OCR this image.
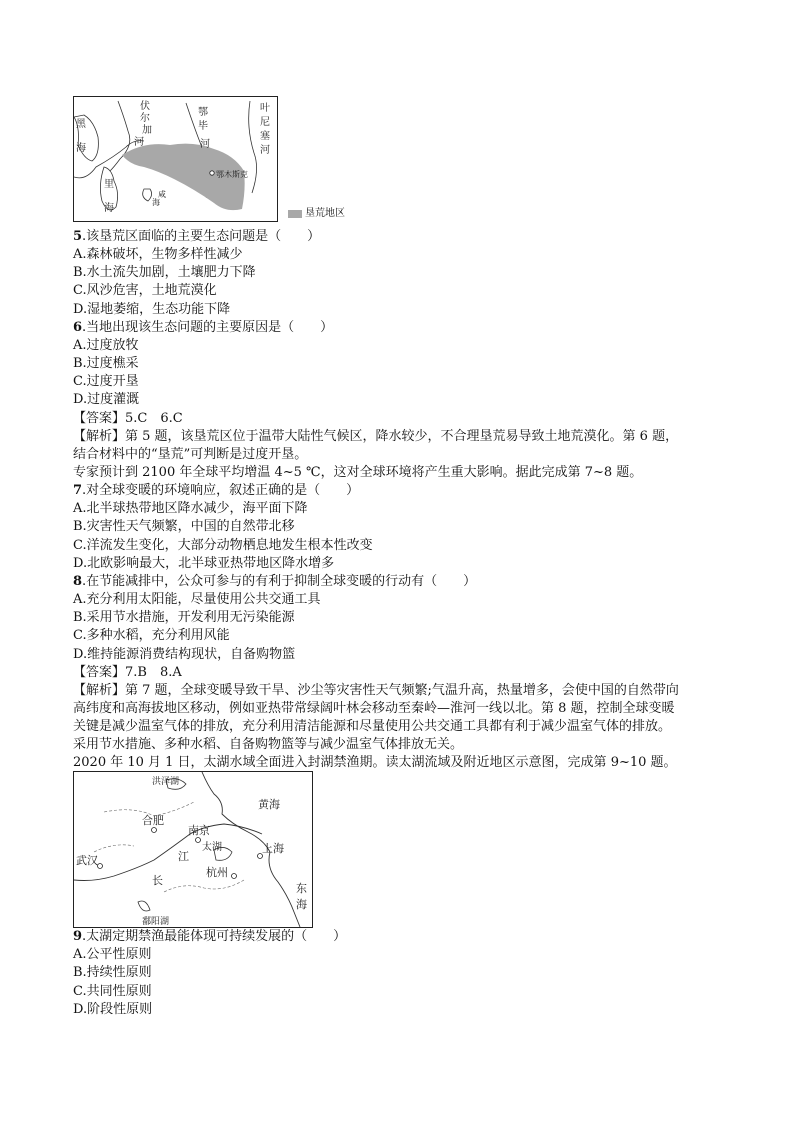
黑
海
伏
尔
加
河
里
海
咸
海
鄂
毕
河
叶
尼
塞
河
鄂木斯克
垦荒地区
洪泽湖
黄海
合肥
南京
太湖	上海
武汉	江
长
杭州
东
海
鄱阳湖
5.该垦荒区面临的主要生态问题是（　　）
A.森林破坏，生物多样性减少
B.水土流失加剧，土壤肥力下降
C.风沙危害，土地荒漠化
D.湿地萎缩，生态功能下降
6.当地出现该生态问题的主要原因是（　　）
A.过度放牧
B.过度樵采
C.过度开垦
D.过度灌溉
【答案】5.C　6.C
【解析】第 5 题，该垦荒区位于温带大陆性气候区，降水较少，不合理垦荒易导致土地荒漠化。第 6 题，
结合材料中的“垦荒”可判断是过度开垦。
专家预计到 2100 年全球平均增温 4~5 ℃，这对全球环境将产生重大影响。据此完成第 7~8 题。
7.对全球变暖的环境响应，叙述正确的是（　　）
A.北半球热带地区降水减少，海平面下降
B.灾害性天气频繁，中国的自然带北移
C.洋流发生变化，大部分动物栖息地发生根本性改变
D.北欧影响最大，北半球亚热带地区降水增多
8.在节能减排中，公众可参与的有利于抑制全球变暖的行动有（　　）
A.充分利用太阳能，尽量使用公共交通工具
B.采用节水措施，开发利用无污染能源
C.多种水稻，充分利用风能
D.维持能源消费结构现状，自备购物篮
【答案】7.B　8.A
【解析】第 7 题，全球变暖导致干旱、沙尘等灾害性天气频繁;气温升高，热量增多，会使中国的自然带向
高纬度和高海拔地区移动，例如亚热带常绿阔叶林会移动至秦岭—淮河一线以北。第 8 题，控制全球变暖
关键是减少温室气体的排放，充分利用清洁能源和尽量使用公共交通工具都有利于减少温室气体的排放。
采用节水措施、多种水稻、自备购物篮等与减少温室气体排放无关。
2020 年 10 月 1 日，太湖水域全面进入封湖禁渔期。读太湖流域及附近地区示意图，完成第 9~10 题。
9.太湖定期禁渔最能体现可持续发展的（　　）
A.公平性原则
B.持续性原则
C.共同性原则
D.阶段性原则
